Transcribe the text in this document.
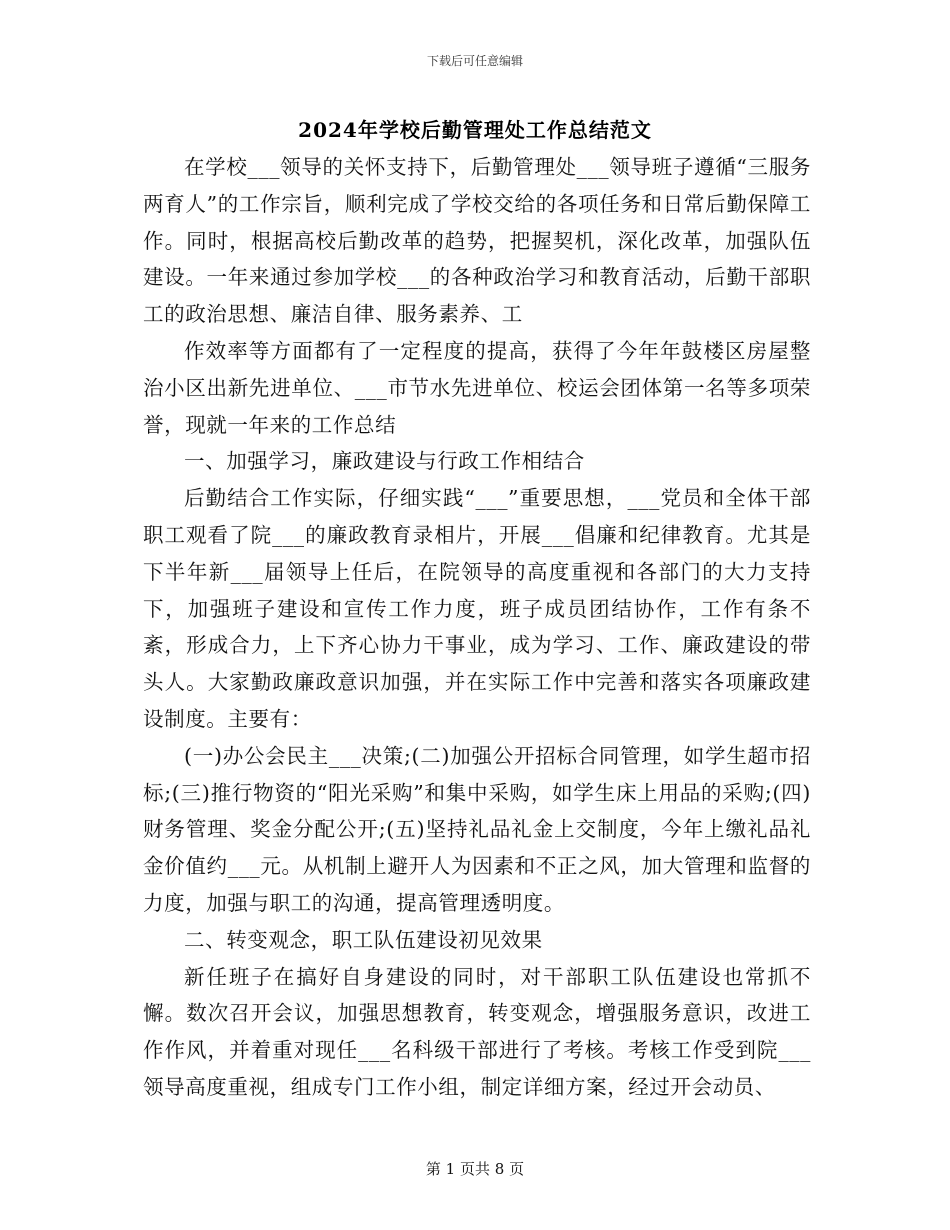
下载后可任意编辑
2024年学校后勤管理处工作总结范文

在学校___领导的关怀支持下，后勤管理处___领导班子遵循“三服务两育人”的工作宗旨，顺利完成了学校交给的各项任务和日常后勤保障工作。同时，根据高校后勤改革的趋势，把握契机，深化改革，加强队伍建设。一年来通过参加学校___的各种政治学习和教育活动，后勤干部职工的政治思想、廉洁自律、服务素养、工

作效率等方面都有了一定程度的提高，获得了今年年鼓楼区房屋整治小区出新先进单位、___市节水先进单位、校运会团体第一名等多项荣誉，现就一年来的工作总结

一、加强学习，廉政建设与行政工作相结合

后勤结合工作实际，仔细实践“___”重要思想，___党员和全体干部职工观看了院___的廉政教育录相片，开展___倡廉和纪律教育。尤其是下半年新___届领导上任后，在院领导的高度重视和各部门的大力支持下，加强班子建设和宣传工作力度，班子成员团结协作，工作有条不紊，形成合力，上下齐心协力干事业，成为学习、工作、廉政建设的带头人。大家勤政廉政意识加强，并在实际工作中完善和落实各项廉政建设制度。主要有：

(一)办公会民主___决策;(二)加强公开招标合同管理，如学生超市招标;(三)推行物资的“阳光采购”和集中采购，如学生床上用品的采购;(四)财务管理、奖金分配公开;(五)坚持礼品礼金上交制度，今年上缴礼品礼金价值约___元。从机制上避开人为因素和不正之风，加大管理和监督的力度，加强与职工的沟通，提高管理透明度。

二、转变观念，职工队伍建设初见效果

新任班子在搞好自身建设的同时，对干部职工队伍建设也常抓不懈。数次召开会议，加强思想教育，转变观念，增强服务意识，改进工作作风，并着重对现任___名科级干部进行了考核。考核工作受到院___领导高度重视，组成专门工作小组，制定详细方案，经过开会动员、

第 1 页共 8 页
